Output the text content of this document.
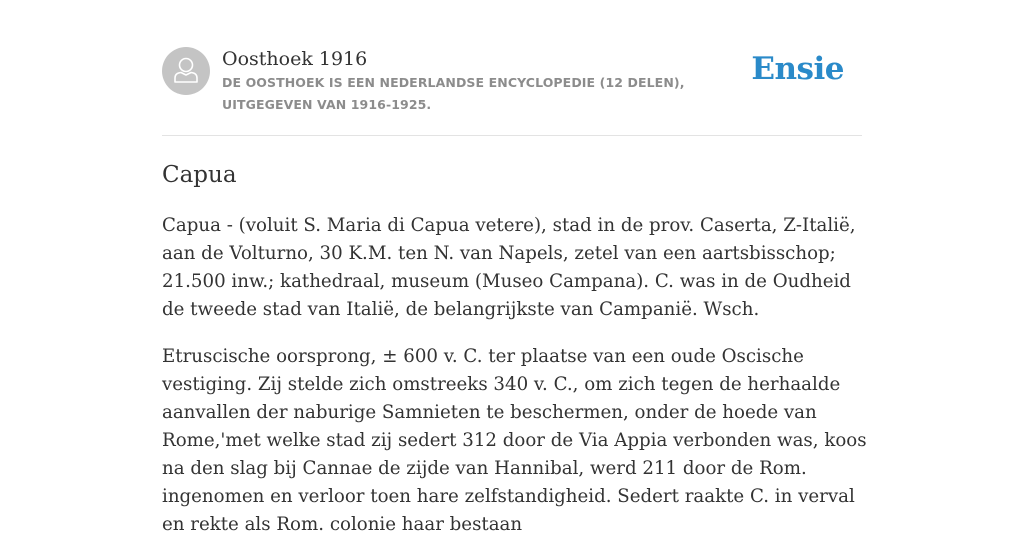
Oosthoek 1916

DE OOSTHOEK IS EEN NEDERLANDSE ENCYCLOPEDIE (12 DELEN), UITGEGEVEN VAN 1916-1925.

Ensie
Capua

Capua - (voluit S. Maria di Capua vetere), stad in de prov. Caserta, Z-Italië, aan de Volturno, 30 K.M. ten N. van Napels, zetel van een aartsbisschop; 21.500 inw.; kathedraal, museum (Museo Campana). C. was in de Oudheid de tweede stad van Italië, de belangrijkste van Campanië. Wsch.

Etruscische oorsprong, ± 600 v. C. ter plaatse van een oude Oscische vestiging. Zij stelde zich omstreeks 340 v. C., om zich tegen de herhaalde aanvallen der naburige Samnieten te beschermen, onder de hoede van Rome,'met welke stad zij sedert 312 door de Via Appia verbonden was, koos na den slag bij Cannae de zijde van Hannibal, werd 211 door de Rom. ingenomen en verloor toen hare zelfstandigheid. Sedert raakte C. in verval en rekte als Rom. colonie haar bestaan
